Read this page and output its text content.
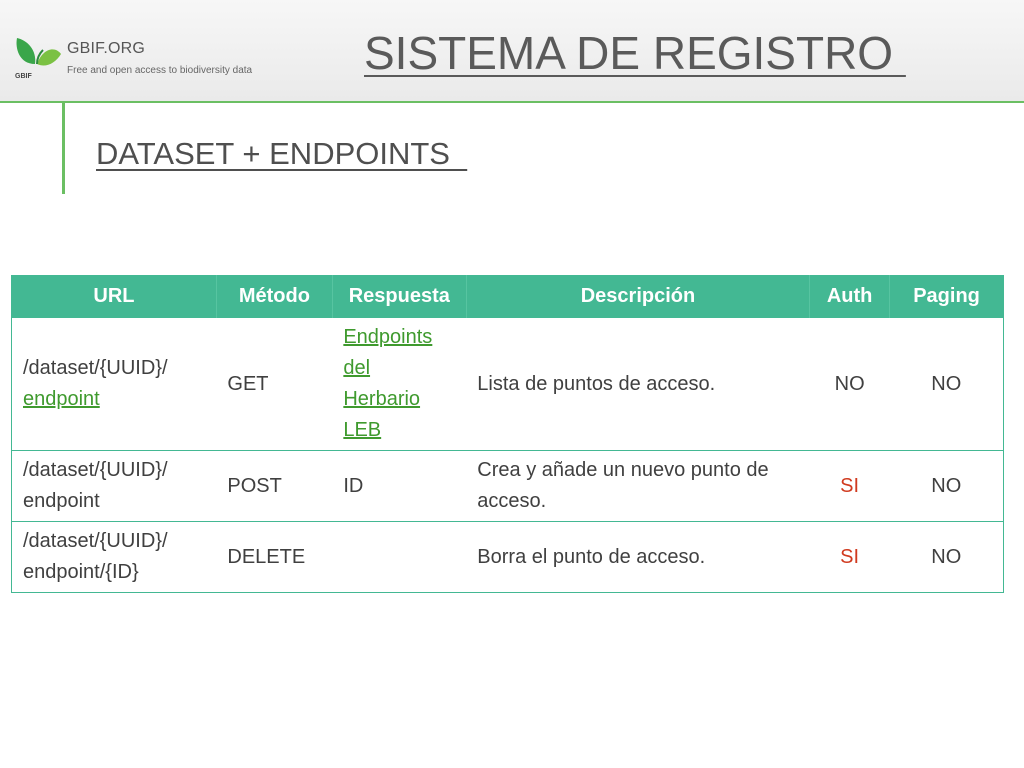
GBIF
GBIF.ORG
Free and open access to biodiversity data SISTEMA DE REGISTRO
DATASET + ENDPOINTS
URL	Método	Respuesta	Descripción	Auth	Paging
/dataset/{UUID}/
endpoint	GET	Endpoints
del
Herbario
LEB	Lista de puntos de acceso.	NO	NO
/dataset/{UUID}/
endpoint	POST	ID	Crea y añade un nuevo punto de acceso.	SI	NO
/dataset/{UUID}/
endpoint/{ID}	DELETE		Borra el punto de acceso.	SI	NO
